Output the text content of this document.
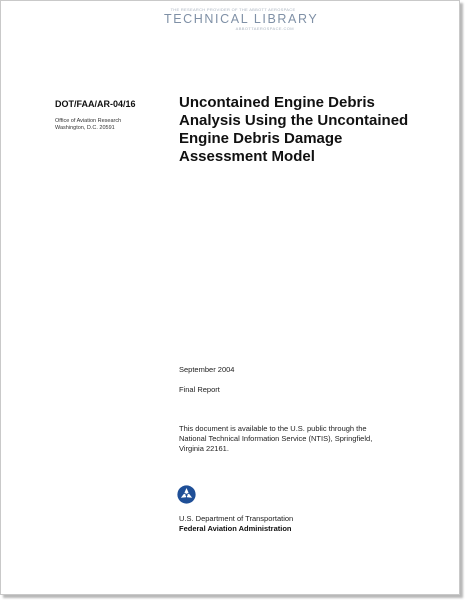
THE RESEARCH PROVIDER OF THE ABBOTT AEROSPACE
TECHNICAL LIBRARY
ABBOTTAEROSPACE.COM
DOT/FAA/AR-04/16
Office of Aviation Research
Washington, D.C. 20591
Uncontained Engine Debris Analysis Using the Uncontained Engine Debris Damage Assessment Model
September 2004
Final Report
This document is available to the U.S. public through the National Technical Information Service (NTIS), Springfield, Virginia 22161.
U.S. Department of Transportation
Federal Aviation Administration
